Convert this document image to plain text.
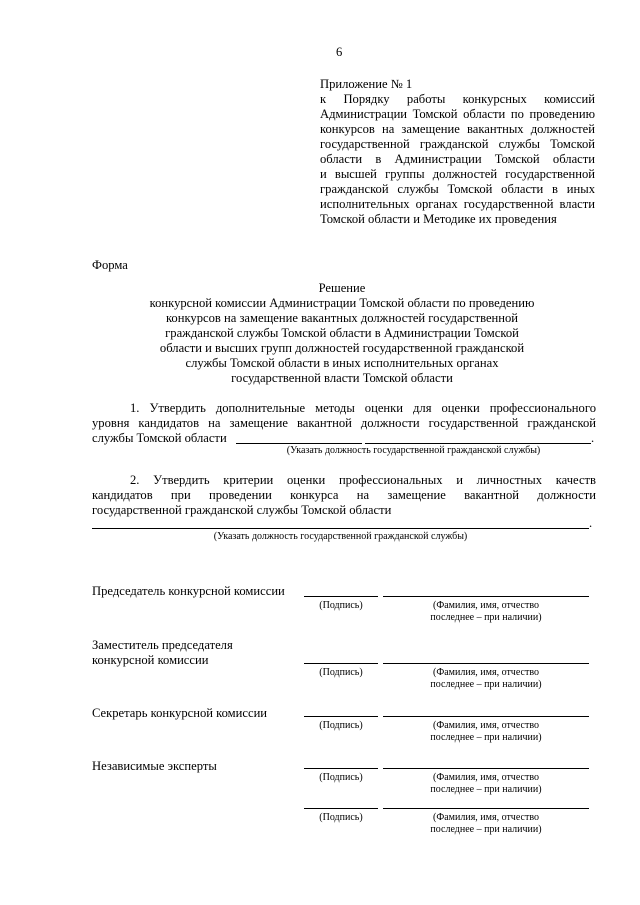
6
Приложение № 1
к Порядку работы конкурсных комиссий
Администрации Томской области по проведению
конкурсов на замещение вакантных должностей
государственной гражданской службы Томской
области в Администрации Томской области
и высшей группы должностей государственной
гражданской службы Томской области в иных
исполнительных органах государственной власти
Томской области и Методике их проведения
Форма
Решение
конкурсной комиссии Администрации Томской области по проведению
конкурсов на замещение вакантных должностей государственной
гражданской службы Томской области в Администрации Томской
области и высших групп должностей государственной гражданской
службы Томской области в иных исполнительных органах
государственной власти Томской области
1. Утвердить дополнительные методы оценки для оценки профессионального
уровня кандидатов на замещение вакантной должности государственной гражданской
службы Томской области	.
(Указать должность государственной гражданской службы)
2. Утвердить критерии оценки профессиональных и личностных качеств
кандидатов при проведении конкурса на замещение вакантной должности
государственной гражданской службы Томской области
.
(Указать должность государственной гражданской службы)
Председатель конкурсной комиссии
(Подпись)	(Фамилия, имя, отчество
последнее – при наличии)
Заместитель председателя
конкурсной комиссии
(Подпись)	(Фамилия, имя, отчество
последнее – при наличии)
Секретарь конкурсной комиссии
(Подпись)	(Фамилия, имя, отчество
последнее – при наличии)
Независимые эксперты
(Подпись)	(Фамилия, имя, отчество
последнее – при наличии)
(Подпись)	(Фамилия, имя, отчество
последнее – при наличии)
